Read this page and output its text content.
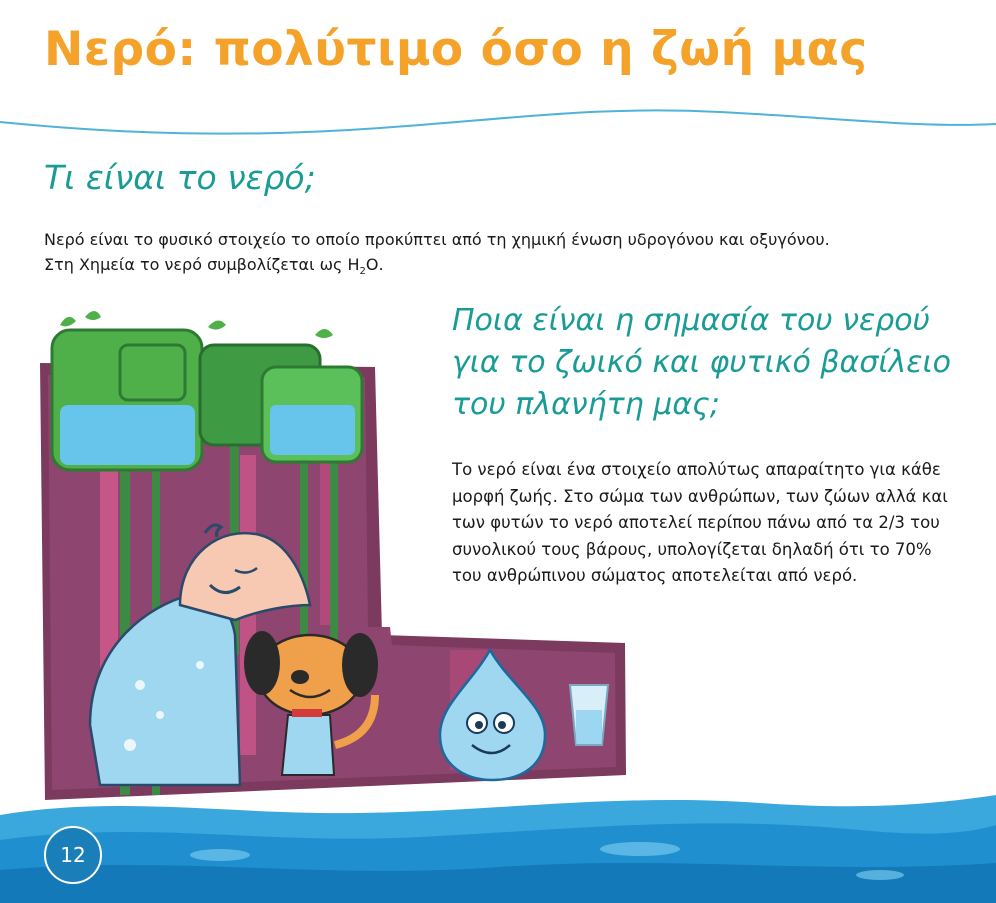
Νερό: πολύτιμο όσο η ζωή μας
Τι είναι το νερό;

Νερό είναι το φυσικό στοιχείο το οποίο προκύπτει από τη χημική ένωση υδρογόνου και οξυγόνου.
Στη Χημεία το νερό συμβολίζεται ως $H_2O$.

Ποια είναι η σημασία του νερού για το ζωικό και φυτικό βασίλειο του πλανήτη μας;

Το νερό είναι ένα στοιχείο απολύτως απαραίτητο για κάθε μορφή ζωής. Στο σώμα των ανθρώπων, των ζώων αλλά και των φυτών το νερό αποτελεί περίπου πάνω από τα 2/3 του συνολικού τους βάρους, υπολογίζεται δηλαδή ότι το 70% του ανθρώπινου σώματος αποτελείται από νερό.

12
